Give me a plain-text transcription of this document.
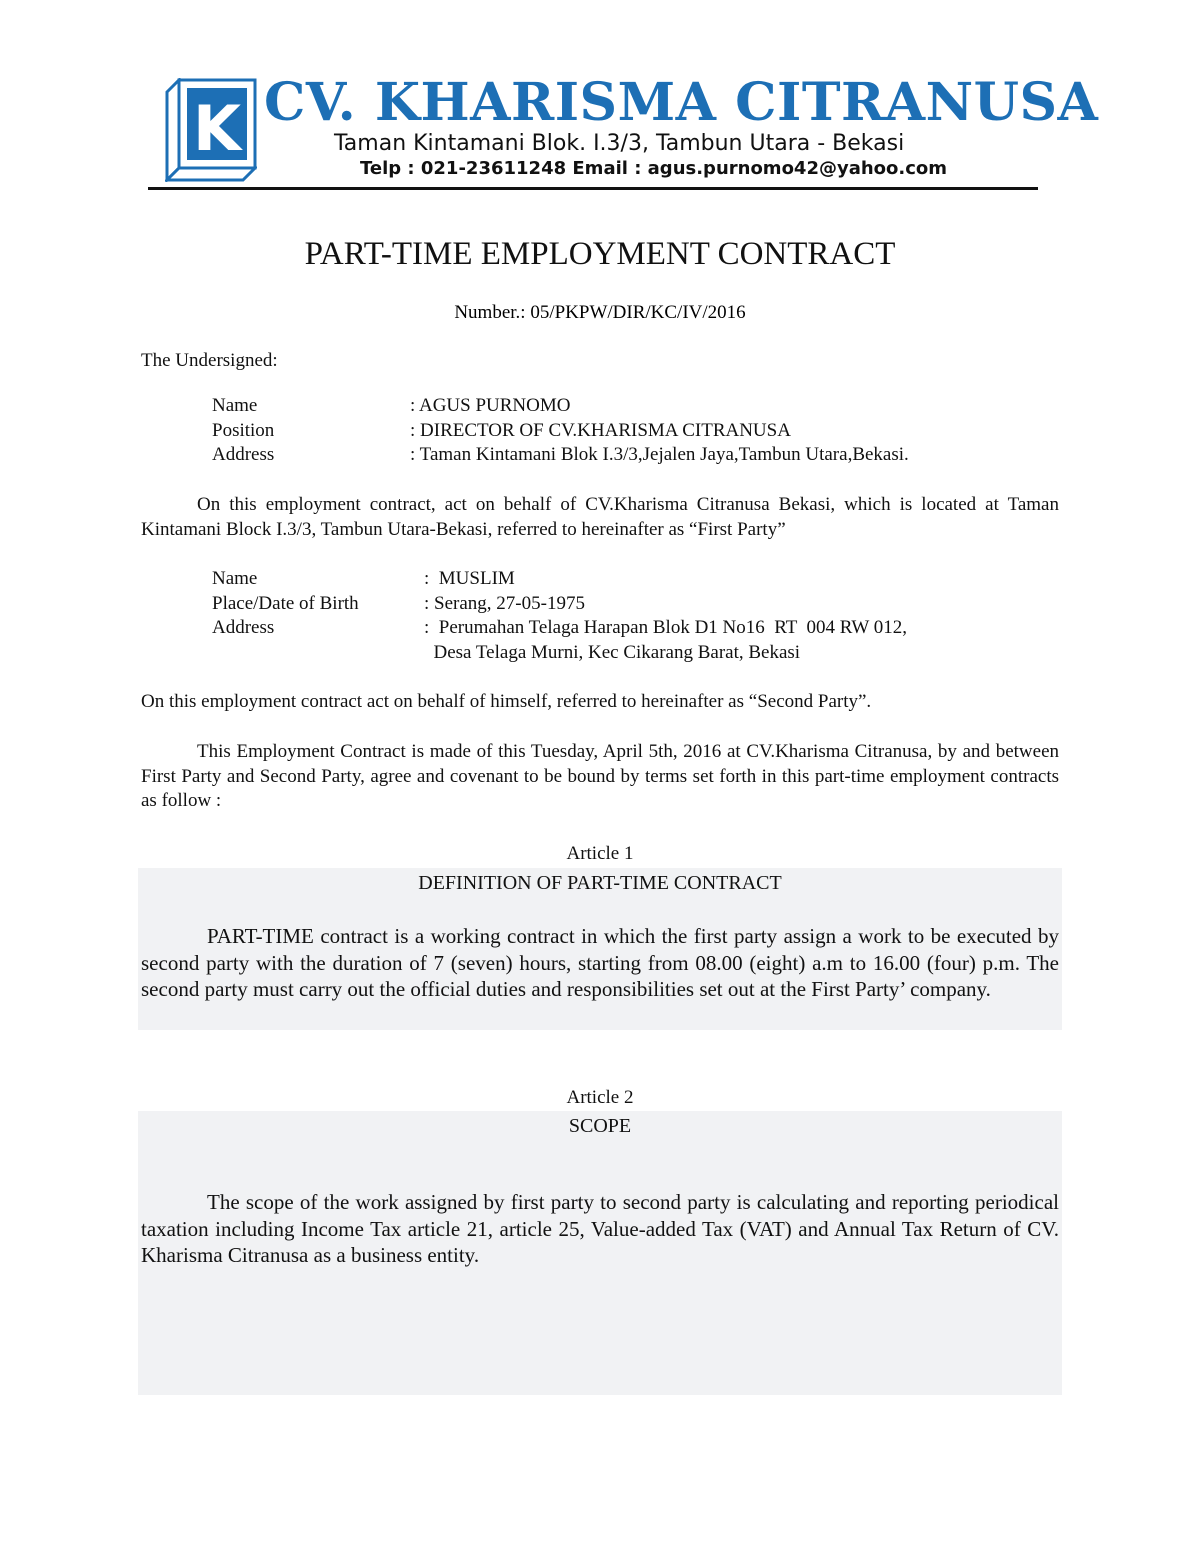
K CV. KHARISMA CITRANUSA
Taman Kintamani Blok. I.3/3, Tambun Utara - Bekasi
Telp : 021-23611248 Email : agus.purnomo42@yahoo.com
PART-TIME EMPLOYMENT CONTRACT
Number.: 05/PKPW/DIR/KC/IV/2016
The Undersigned:
Name	: AGUS PURNOMO
Position	: DIRECTOR OF CV.KHARISMA CITRANUSA
Address	: Taman Kintamani Blok I.3/3,Jejalen Jaya,Tambun Utara,Bekasi.
On this employment contract, act on behalf of CV.Kharisma Citranusa Bekasi, which is located at Taman Kintamani Block I.3/3, Tambun Utara-Bekasi, referred to hereinafter as “First Party”
Name	:  MUSLIM
Place/Date of Birth	: Serang, 27-05-1975
Address	:  Perumahan Telaga Harapan Blok D1 No16  RT  004 RW 012,
Desa Telaga Murni, Kec Cikarang Barat, Bekasi
On this employment contract act on behalf of himself, referred to hereinafter as “Second Party”.
This Employment Contract is made of this Tuesday, April 5th, 2016 at CV.Kharisma Citranusa, by and between First Party and Second Party, agree and covenant to be bound by terms set forth in this part-time employment contracts as follow :
Article 1
DEFINITION OF PART-TIME CONTRACT
PART-TIME contract is a working contract in which the first party assign a work to be executed by second party with the duration of 7 (seven) hours, starting from 08.00 (eight) a.m to 16.00 (four) p.m. The second party must carry out the official duties and responsibilities set out at the First Party’ company.
Article 2
SCOPE
The scope of the work assigned by first party to second party is calculating and reporting periodical taxation including Income Tax article 21, article 25, Value-added Tax (VAT) and Annual Tax Return of CV. Kharisma Citranusa as a business entity.
